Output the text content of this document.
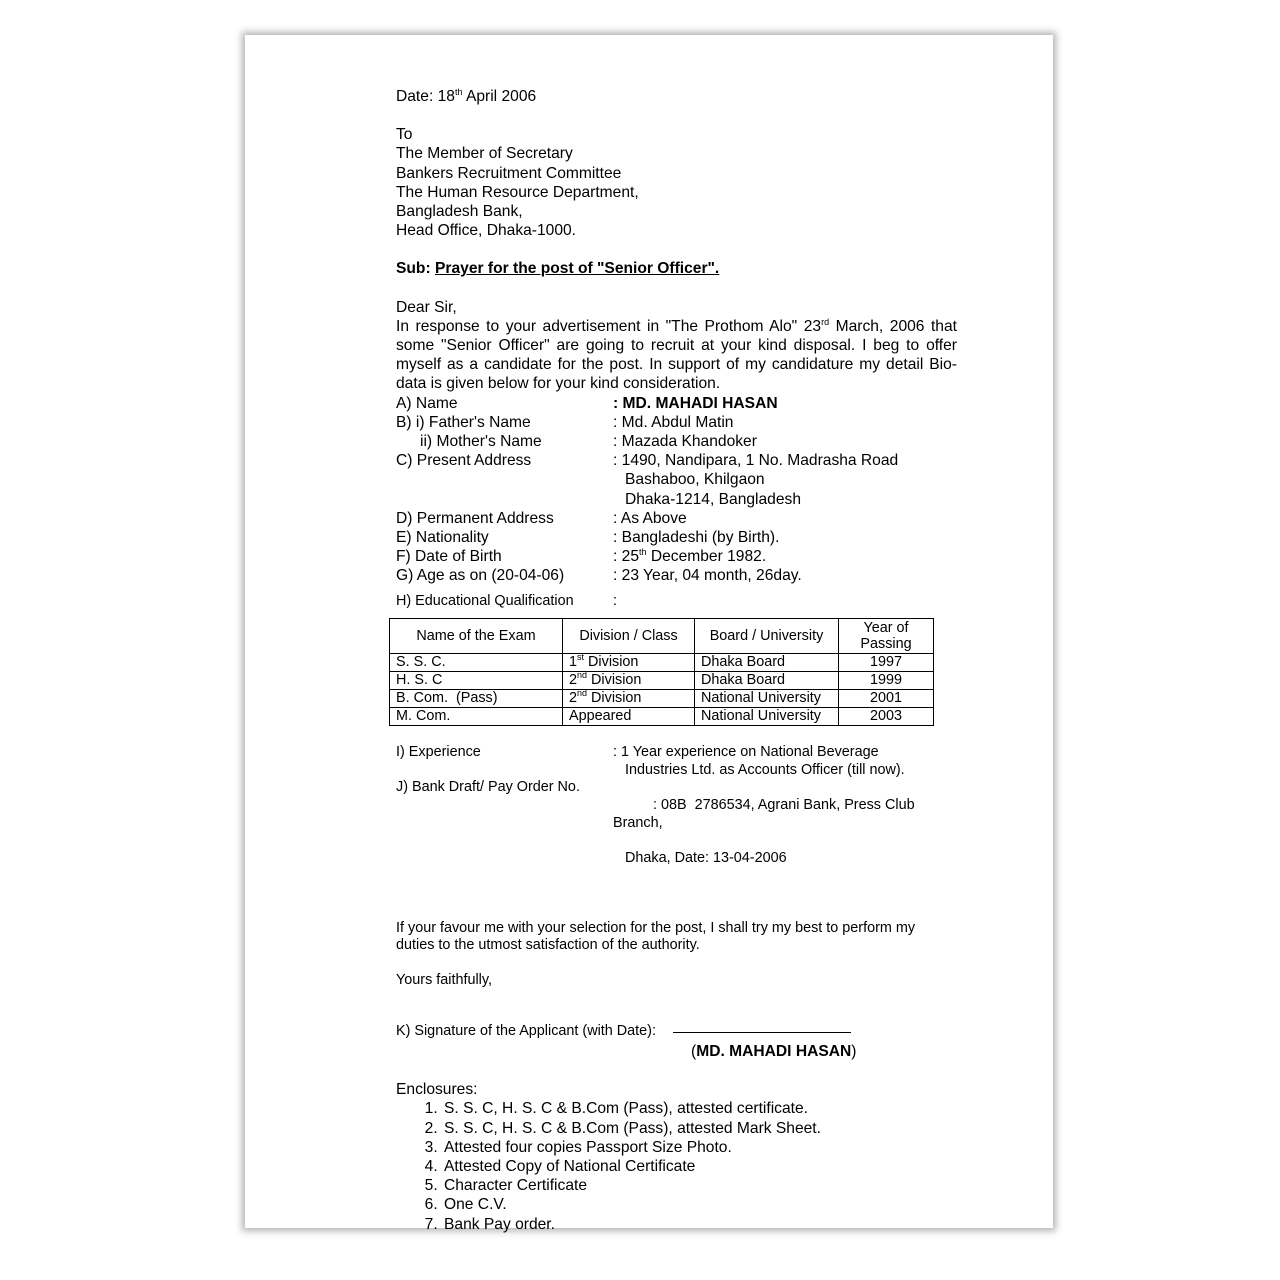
Date: 18th April 2006

To

The Member of Secretary

Bankers Recruitment Committee

The Human Resource Department,

Bangladesh Bank,

Head Office, Dhaka-1000.

Sub: Prayer for the post of "Senior Officer".

Dear Sir,

In response to your advertisement in "The Prothom Alo" 23rd March, 2006 that some "Senior Officer" are going to recruit at your kind disposal. I beg to offer myself as a candidate for the post. In support of my candidature my detail Bio-data is given below for your kind consideration.

A) Name	: MD. MAHADI HASAN
B) i) Father's Name	: Md. Abdul Matin
ii) Mother's Name	: Mazada Khandoker
C) Present Address	: 1490, Nandipara, 1 No. Madrasha Road
Bashaboo, Khilgaon
Dhaka-1214, Bangladesh
D) Permanent Address	: As Above
E) Nationality	: Bangladeshi (by Birth).
F) Date of Birth	: 25th December 1982.
G) Age as on (20-04-06)	: 23 Year, 04 month, 26day.
H) Educational Qualification	:
Name of the Exam	Division / Class	Board / University	Year of Passing
S. S. C.	1st Division	Dhaka Board	1997
H. S. C	2nd Division	Dhaka Board	1999
B. Com.  (Pass)	2nd Division	National University	2001
M. Com.	Appeared	National University	2003
I) Experience	: 1 Year experience on National Beverage
Industries Ltd. as Accounts Officer (till now).
J) Bank Draft/ Pay Order No.

: 08B  2786534, Agrani Bank, Press Club Branch,

Dhaka, Date: 13-04-2006

If your favour me with your selection for the post, I shall try my best to perform my duties to the utmost satisfaction of the authority.

Yours faithfully,

K) Signature of the Applicant (with Date):

(MD. MAHADI HASAN)

Enclosures:

1. S. S. C, H. S. C & B.Com (Pass), attested certificate.
2. S. S. C, H. S. C & B.Com (Pass), attested Mark Sheet.
3. Attested four copies Passport Size Photo.
4. Attested Copy of National Certificate
5. Character Certificate
6. One C.V.
7. Bank Pay order.
